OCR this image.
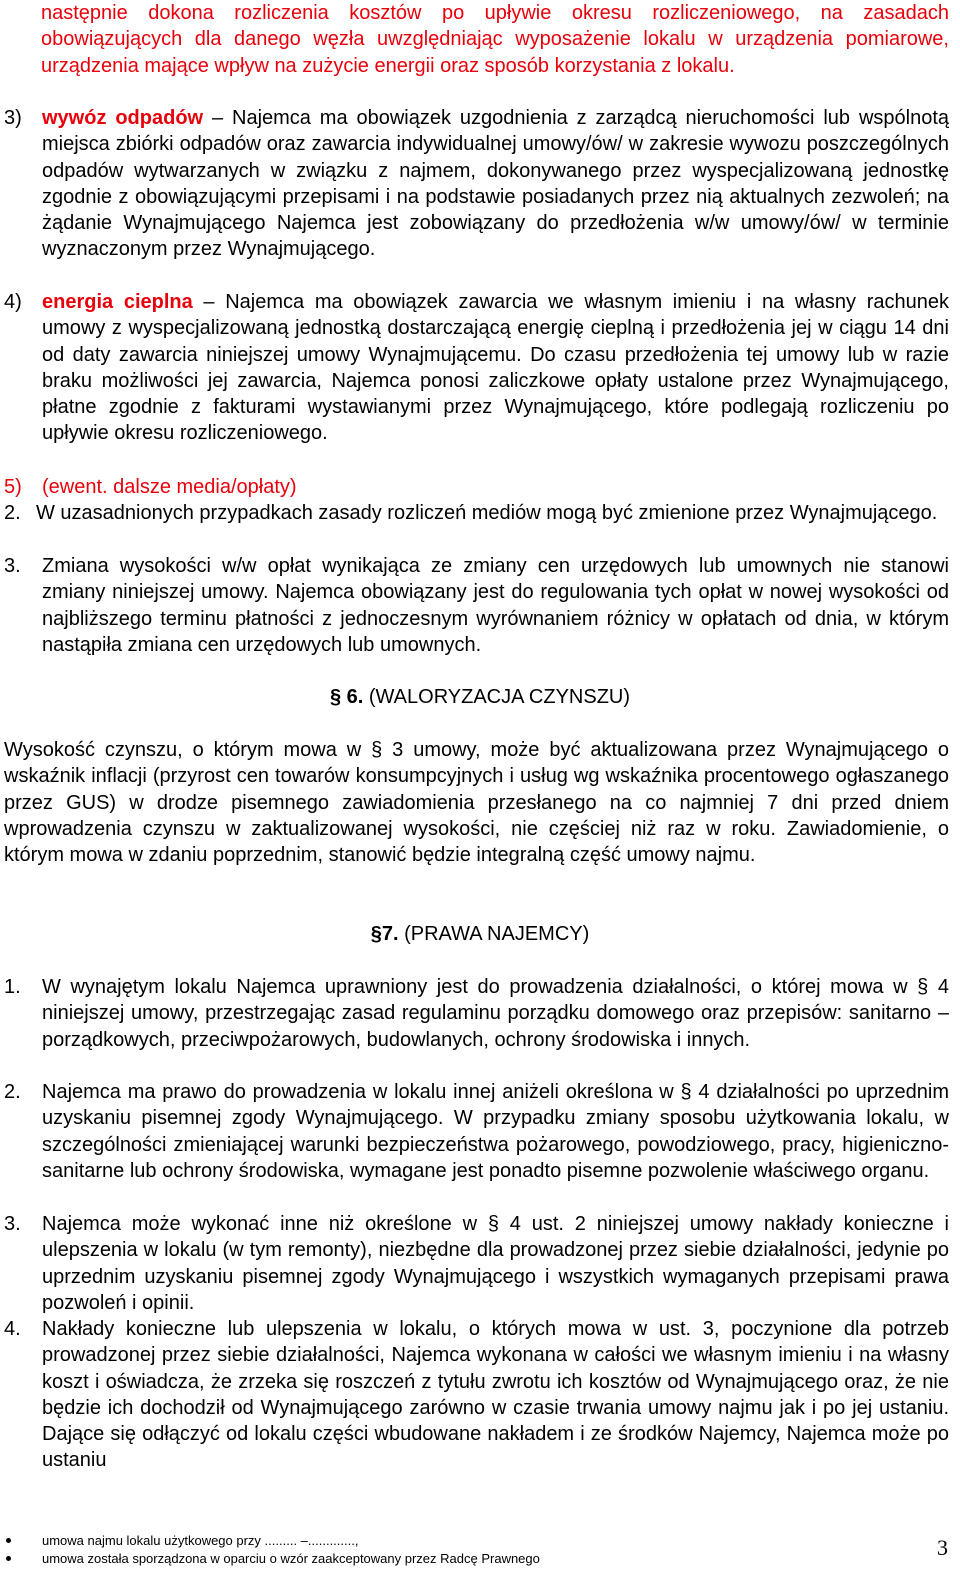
następnie dokona rozliczenia kosztów po upływie okresu rozliczeniowego, na zasadach obowiązujących dla danego węzła uwzględniając wyposażenie lokalu w urządzenia pomiarowe, urządzenia mające wpływ na zużycie energii oraz sposób korzystania z lokalu.
3) wywóz odpadów – Najemca ma obowiązek uzgodnienia z zarządcą nieruchomości lub wspólnotą miejsca zbiórki odpadów oraz zawarcia indywidualnej umowy/ów/ w zakresie wywozu poszczególnych odpadów wytwarzanych w związku z najmem, dokonywanego przez wyspecjalizowaną jednostkę zgodnie z obowiązującymi przepisami i na podstawie posiadanych przez nią aktualnych zezwoleń; na żądanie Wynajmującego Najemca jest zobowiązany do przedłożenia w/w umowy/ów/ w terminie wyznaczonym przez Wynajmującego.
4) energia cieplna – Najemca ma obowiązek zawarcia we własnym imieniu i na własny rachunek umowy z wyspecjalizowaną jednostką dostarczającą energię cieplną i przedłożenia jej w ciągu 14 dni od daty zawarcia niniejszej umowy Wynajmującemu. Do czasu przedłożenia tej umowy lub w razie braku możliwości jej zawarcia, Najemca ponosi zaliczkowe opłaty ustalone przez Wynajmującego, płatne zgodnie z fakturami wystawianymi przez Wynajmującego, które podlegają rozliczeniu po upływie okresu rozliczeniowego.
5) (ewent. dalsze media/opłaty)
2. W uzasadnionych przypadkach zasady rozliczeń mediów mogą być zmienione przez Wynajmującego.
3. Zmiana wysokości w/w opłat wynikająca ze zmiany cen urzędowych lub umownych nie stanowi zmiany niniejszej umowy. Najemca obowiązany jest do regulowania tych opłat w nowej wysokości od najbliższego terminu płatności z jednoczesnym wyrównaniem różnicy w opłatach od dnia, w którym nastąpiła zmiana cen urzędowych lub umownych.
§ 6. (WALORYZACJA CZYNSZU)
Wysokość czynszu, o którym mowa w § 3 umowy, może być aktualizowana przez Wynajmującego o wskaźnik inflacji (przyrost cen towarów konsumpcyjnych i usług wg wskaźnika procentowego ogłaszanego przez GUS) w drodze pisemnego zawiadomienia przesłanego na co najmniej 7 dni przed dniem wprowadzenia czynszu w zaktualizowanej wysokości, nie częściej niż raz w roku. Zawiadomienie, o którym mowa w zdaniu poprzednim, stanowić będzie integralną część umowy najmu.
§7. (PRAWA NAJEMCY)
1. W wynajętym lokalu Najemca uprawniony jest do prowadzenia działalności, o której mowa w § 4 niniejszej umowy, przestrzegając zasad regulaminu porządku domowego oraz przepisów: sanitarno – porządkowych, przeciwpożarowych, budowlanych, ochrony środowiska i innych.
2. Najemca ma prawo do prowadzenia w lokalu innej aniżeli określona w § 4 działalności po uprzednim uzyskaniu pisemnej zgody Wynajmującego. W przypadku zmiany sposobu użytkowania lokalu, w szczególności zmieniającej warunki bezpieczeństwa pożarowego, powodziowego, pracy, higieniczno-sanitarne lub ochrony środowiska, wymagane jest ponadto pisemne pozwolenie właściwego organu.
3. Najemca może wykonać inne niż określone w § 4 ust. 2 niniejszej umowy nakłady konieczne i ulepszenia w lokalu (w tym remonty), niezbędne dla prowadzonej przez siebie działalności, jedynie po uprzednim uzyskaniu pisemnej zgody Wynajmującego i wszystkich wymaganych przepisami prawa pozwoleń i opinii.
4. Nakłady konieczne lub ulepszenia w lokalu, o których mowa w ust. 3, poczynione dla potrzeb prowadzonej przez siebie działalności, Najemca wykonana w całości we własnym imieniu i na własny koszt i oświadcza, że zrzeka się roszczeń z tytułu zwrotu ich kosztów od Wynajmującego oraz, że nie będzie ich dochodził od Wynajmującego zarówno w czasie trwania umowy najmu jak i po jej ustaniu. Dające się odłączyć od lokalu części wbudowane nakładem i ze środków Najemcy, Najemca może po ustaniu
umowa najmu lokalu użytkowego przy ......... –.............,
umowa została sporządzona w oparciu o wzór zaakceptowany przez Radcę Prawnego	3
